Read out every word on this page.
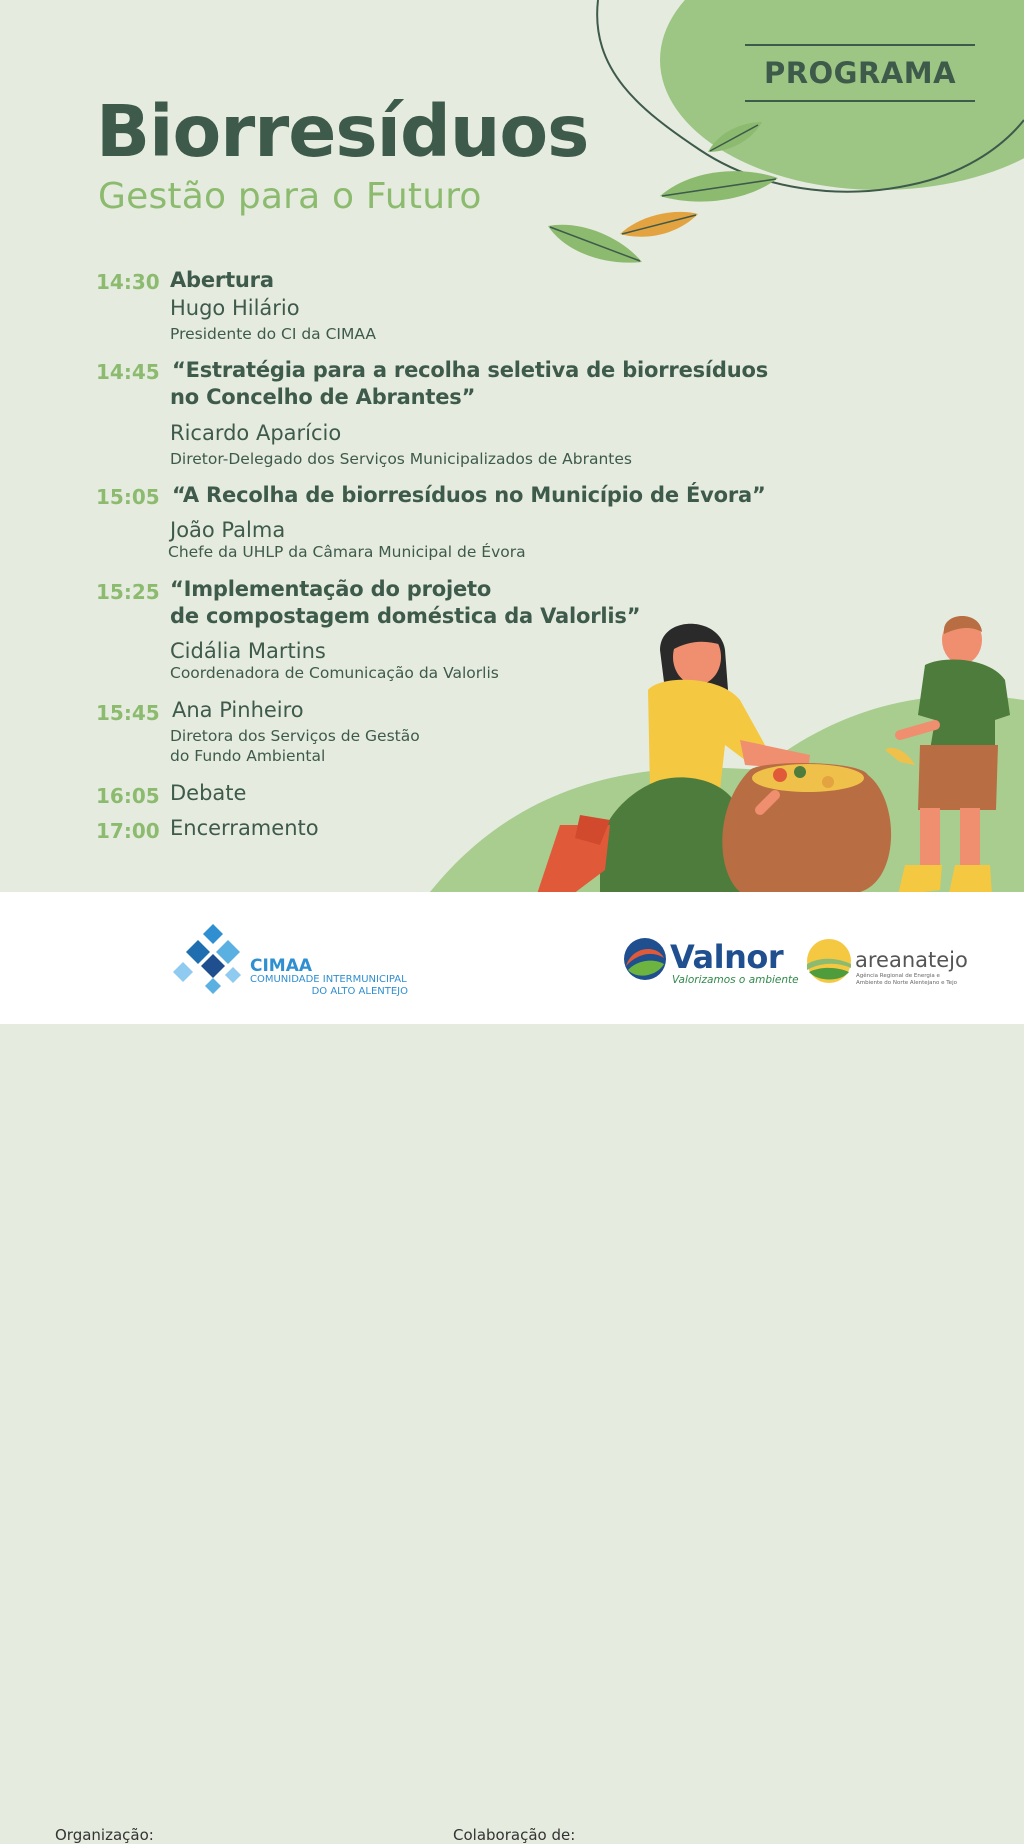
PROGRAMA
Biorresíduos
Gestão para o Futuro
14:30 Abertura
Hugo Hilário
Presidente do CI da CIMAA
14:45 “Estratégia para a recolha seletiva de biorresíduos
no Concelho de Abrantes”
Ricardo Aparício
Diretor-Delegado dos Serviços Municipalizados de Abrantes
15:05 “A Recolha de biorresíduos no Município de Évora”
João Palma
Chefe da UHLP da Câmara Municipal de Évora
15:25 “Implementação do projeto
de compostagem doméstica da Valorlis”
Cidália Martins
Coordenadora de Comunicação da Valorlis
15:45 Ana Pinheiro
Diretora dos Serviços de Gestão
do Fundo Ambiental
16:05 Debate
17:00 Encerramento
Organização:	Colaboração de:
CIMAA
COMUNIDADE INTERMUNICIPAL
DO ALTO ALENTEJO
Valnor
Valorizamos o ambiente
areanatejo
Agência Regional de Energia e Ambiente do Norte Alentejano e Tejo
